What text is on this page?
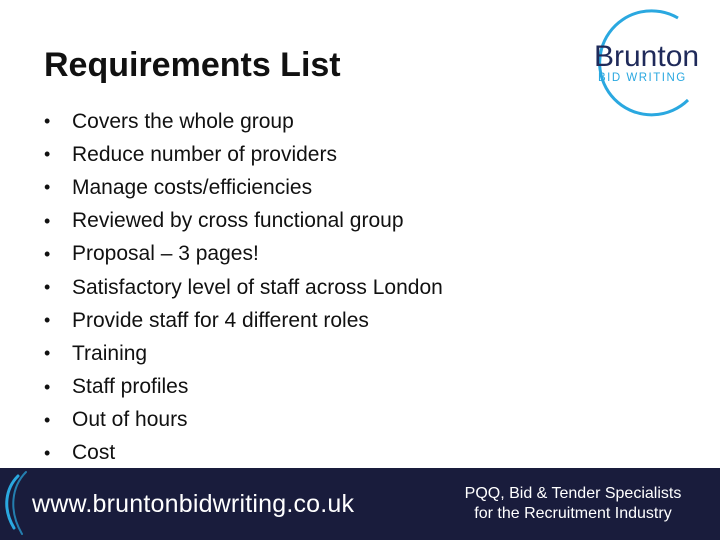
Requirements List	Brunton
BID WRITING
•	Covers the whole group
•	Reduce number of providers
•	Manage costs/efficiencies
•	Reviewed by cross functional group
•	Proposal – 3 pages!
•	Satisfactory level of staff across London
•	Provide staff for 4 different roles
•	Training
•	Staff profiles
•	Out of hours
•	Cost
www.bruntonbidwriting.co.uk	PQQ, Bid & Tender Specialists
for the Recruitment Industry
